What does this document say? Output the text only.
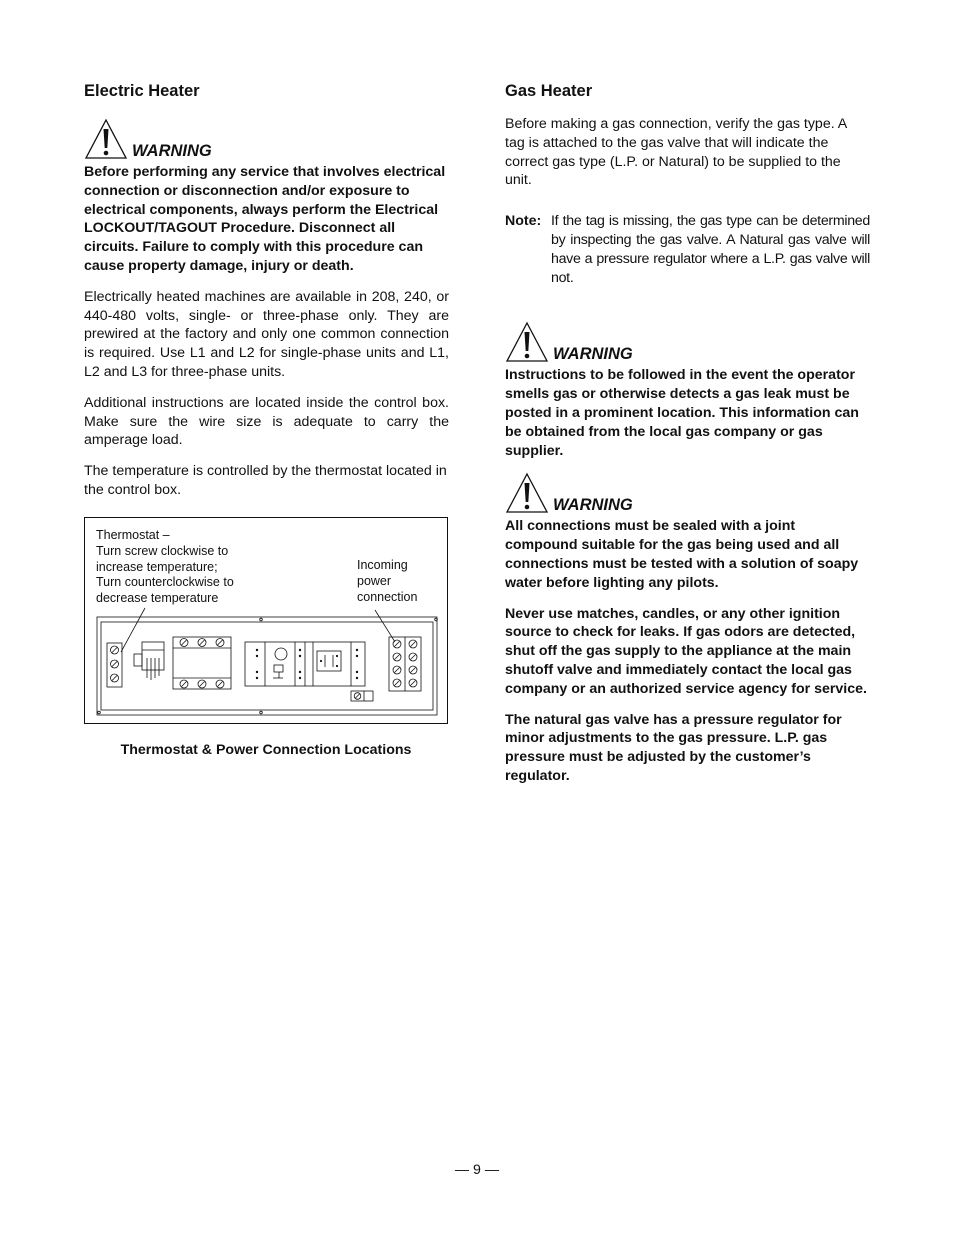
Electric Heater
WARNING

Before performing any service that involves electrical connection or disconnection and/or exposure to electrical components, always perform the Electrical LOCKOUT/TAGOUT Procedure. Disconnect all circuits. Failure to comply with this procedure can cause property damage, injury or death.

Electrically heated machines are available in 208, 240, or 440-480 volts, single- or three-phase only. They are prewired at the factory and only one common connection is required. Use L1 and L2 for single-phase units and L1, L2 and L3 for three-phase units.

Additional instructions are located inside the control box. Make sure the wire size is adequate to carry the amperage load.

The temperature is controlled by the thermostat located in the control box.

Thermostat –
Turn screw clockwise to
increase temperature;
Turn counterclockwise to
decrease temperature
Incoming
power
connection
Thermostat & Power Connection Locations
Gas Heater

Before making a gas connection, verify the gas type. A tag is attached to the gas valve that will indicate the correct gas type (L.P. or Natural) to be supplied to the unit.

Note: If the tag is missing, the gas type can be determined by inspecting the gas valve. A Natural gas valve will have a pressure regulator where a L.P. gas valve will not.
WARNING

Instructions to be followed in the event the operator smells gas or otherwise detects a gas leak must be posted in a prominent location. This information can be obtained from the local gas company or gas supplier.

WARNING

All connections must be sealed with a joint compound suitable for the gas being used and all connections must be tested with a solution of soapy water before lighting any pilots.

Never use matches, candles, or any other ignition source to check for leaks. If gas odors are detected, shut off the gas supply to the appliance at the main shutoff valve and immediately contact the local gas company or an authorized service agency for service.

The natural gas valve has a pressure regulator for minor adjustments to the gas pressure. L.P. gas pressure must be adjusted by the customer’s regulator.

— 9 —
